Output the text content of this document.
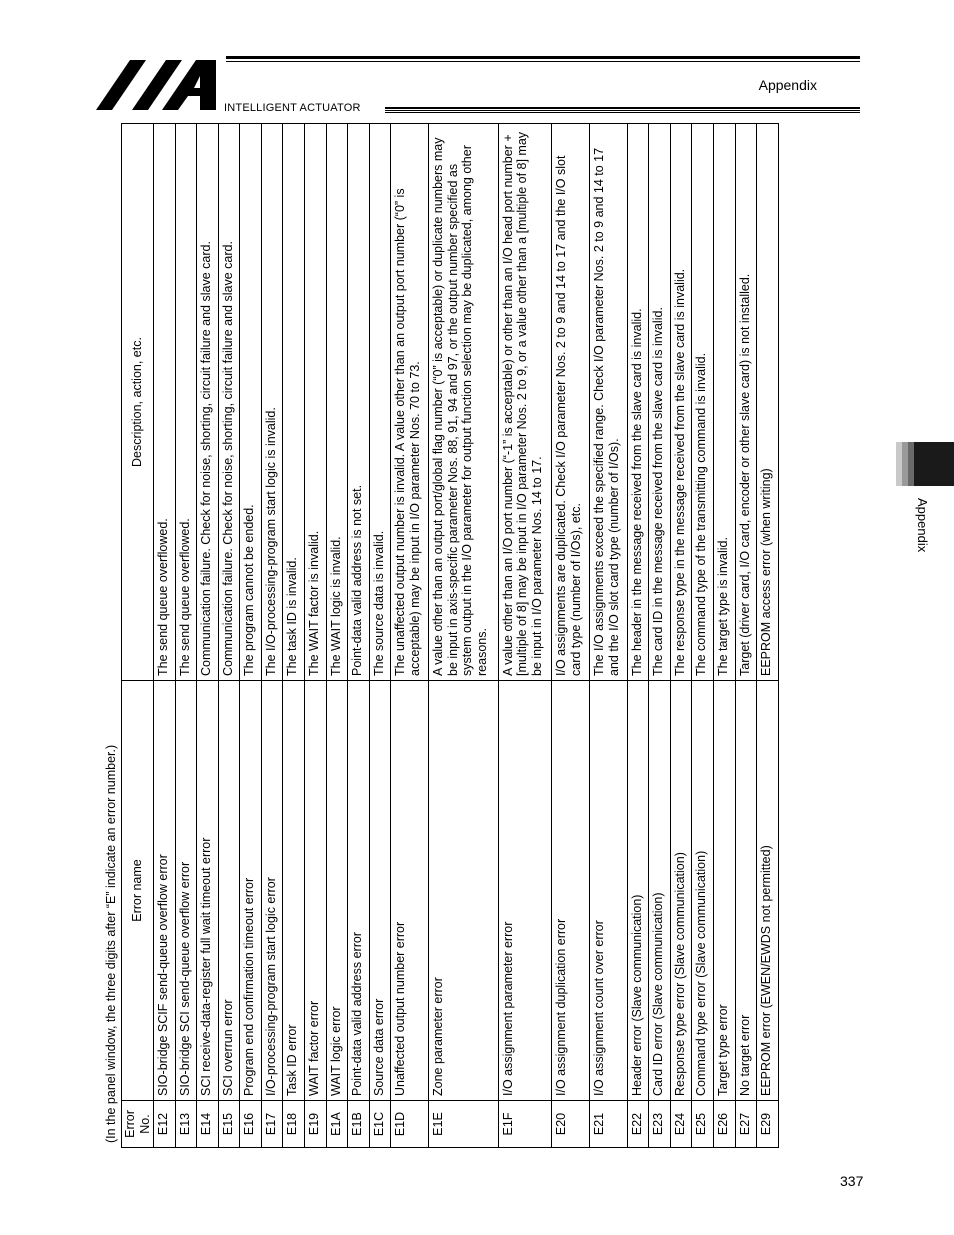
Appendix
INTELLIGENT ACTUATOR
Appendix
(In the panel window, the three digits after “E” indicate an error number.) Error No.	Error name	Description, action, etc.
E12	SIO-bridge SCIF send-queue overflow error	The send queue overflowed.
E13	SIO-bridge SCI send-queue overflow error	The send queue overflowed.
E14	SCI receive-data-register full wait timeout error	Communication failure. Check for noise, shorting, circuit failure and slave card.
E15	SCI overrun error	Communication failure. Check for noise, shorting, circuit failure and slave card.
E16	Program end confirmation timeout error	The program cannot be ended.
E17	I/O-processing-program start logic error	The I/O-processing-program start logic is invalid.
E18	Task ID error	The task ID is invalid.
E19	WAIT factor error	The WAIT factor is invalid.
E1A	WAIT logic error	The WAIT logic is invalid.
E1B	Point-data valid address error	Point-data valid address is not set.
E1C	Source data error	The source data is invalid.
E1D	Unaffected output number error	The unaffected output number is invalid. A value other than an output port number (“0” is acceptable) may be input in I/O parameter Nos. 70 to 73.
E1E	Zone parameter error	A value other than an output port/global flag number (“0” is acceptable) or duplicate numbers may be input in axis-specific parameter Nos. 88, 91, 94 and 97, or the output number specified as system output in the I/O parameter for output function selection may be duplicated, among other reasons.
E1F	I/O assignment parameter error	A value other than an I/O port number (“-1” is acceptable) or other than an I/O head port number + [multiple of 8] may be input in I/O parameter Nos. 2 to 9, or a value other than a [multiple of 8] may be input in I/O parameter Nos. 14 to 17.
E20	I/O assignment duplication error	I/O assignments are duplicated. Check I/O parameter Nos. 2 to 9 and 14 to 17 and the I/O slot card type (number of I/Os), etc.
E21	I/O assignment count over error	The I/O assignments exceed the specified range. Check I/O parameter Nos. 2 to 9 and 14 to 17 and the I/O slot card type (number of I/Os).
E22	Header error (Slave communication)	The header in the message received from the slave card is invalid.
E23	Card ID error (Slave communication)	The card ID in the message received from the slave card is invalid.
E24	Response type error (Slave communication)	The response type in the message received from the slave card is invalid.
E25	Command type error (Slave communication)	The command type of the transmitting command is invalid.
E26	Target type error	The target type is invalid.
E27	No target error	Target (driver card, I/O card, encoder or other slave card) is not installed.
E29	EEPROM error (EWEN/EWDS not permitted)	EEPROM access error (when writing)
337
